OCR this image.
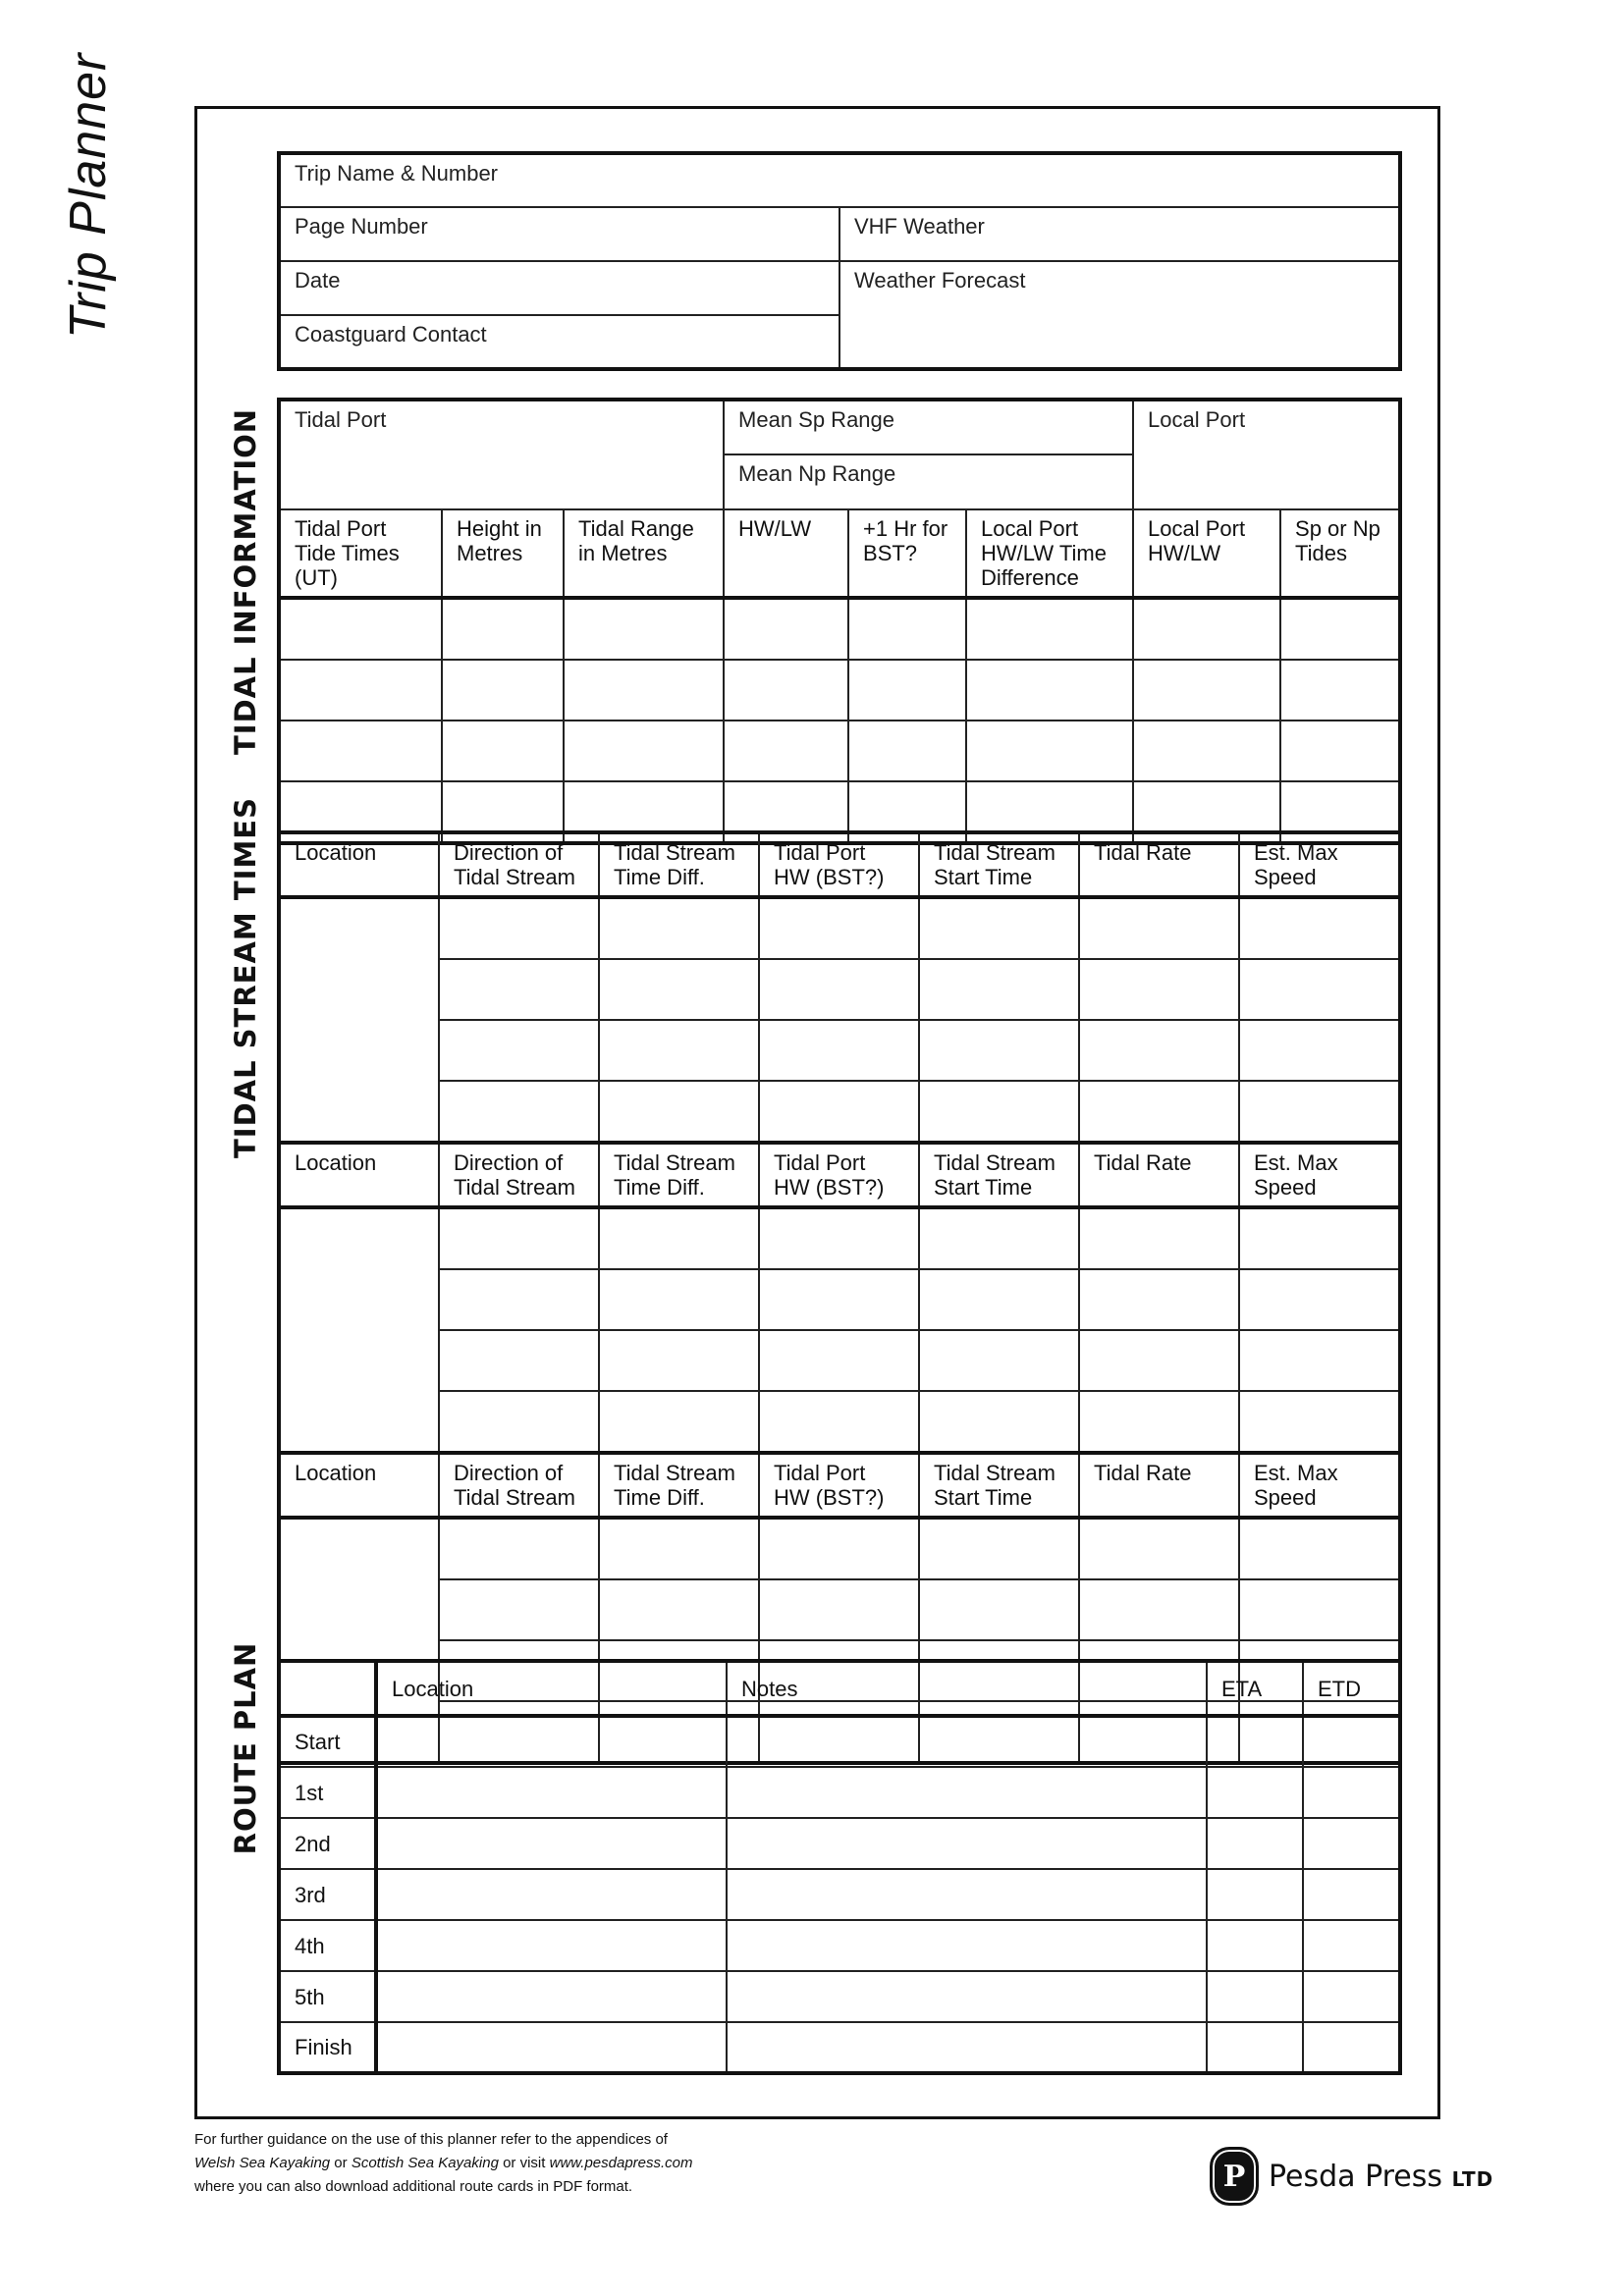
Trip Planner	Trip Name & Number	
Page Number	VHF Weather
Date	Weather Forecast
Coastguard Contact	
TIDAL INFORMATION Tidal Port			Mean Sp Range			Local Port	
			Mean Np Range				
Tidal Port Tide Times (UT)	Height in Metres	Tidal Range in Metres	HW/LW	+1 Hr for BST?	Local Port HW/LW Time Difference	Local Port HW/LW	Sp or Np Tides

TIDAL STREAM TIMES Location	Direction of Tidal Stream	Tidal Stream Time Diff.	Tidal Port HW (BST?)	Tidal Stream Start Time	Tidal Rate	Est. Max Speed

Location	Direction of Tidal Stream	Tidal Stream Time Diff.	Tidal Port HW (BST?)	Tidal Stream Start Time	Tidal Rate	Est. Max Speed

Location	Direction of Tidal Stream	Tidal Stream Time Diff.	Tidal Port HW (BST?)	Tidal Stream Start Time	Tidal Rate	Est. Max Speed

ROUTE PLAN
		Location	Notes	ETA	ETD
Start				
1st				
2nd				
3rd				
4th				
5th				
Finish				
For further guidance on the use of this planner refer to the appendices of
Welsh Sea Kayaking or Scottish Sea Kayaking or visit www.pesdapress.com
where you can also download additional route cards in PDF format.	P Pesda Press LTD
